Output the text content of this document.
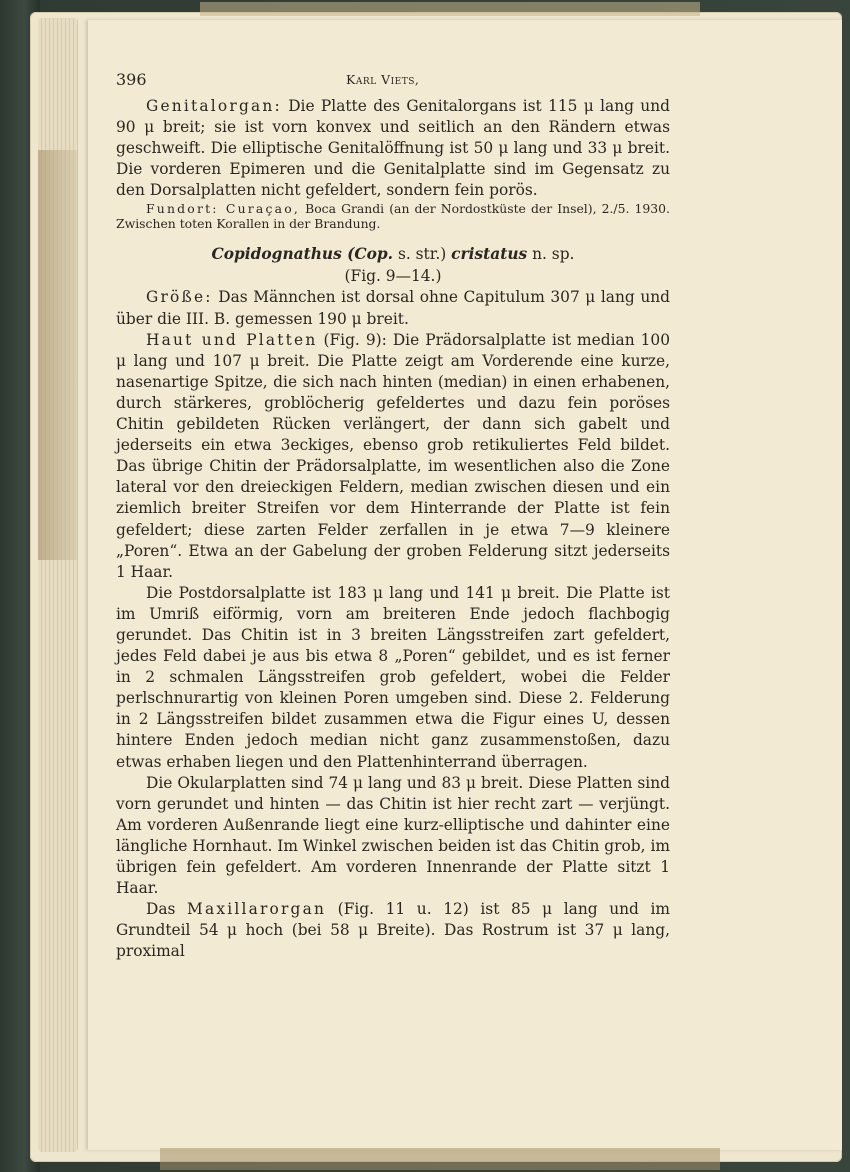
396	Karl Viets,

Genitalorgan: Die Platte des Genitalorgans ist 115 μ lang und 90 μ breit; sie ist vorn konvex und seitlich an den Rändern etwas geschweift. Die elliptische Genitalöffnung ist 50 μ lang und 33 μ breit. Die vorderen Epimeren und die Genitalplatte sind im Gegensatz zu den Dorsalplatten nicht gefeldert, sondern fein porös.

Fundort: Curaçao, Boca Grandi (an der Nordostküste der Insel), 2./5. 1930. Zwischen toten Korallen in der Brandung.

Copidognathus (Cop. s. str.) cristatus n. sp.
(Fig. 9—14.)

Größe: Das Männchen ist dorsal ohne Capitulum 307 μ lang und über die III. B. gemessen 190 μ breit.

Haut und Platten (Fig. 9): Die Prädorsalplatte ist median 100 μ lang und 107 μ breit. Die Platte zeigt am Vorderende eine kurze, nasenartige Spitze, die sich nach hinten (median) in einen erhabenen, durch stärkeres, groblöcherig gefeldertes und dazu fein poröses Chitin gebildeten Rücken verlängert, der dann sich gabelt und jederseits ein etwa 3eckiges, ebenso grob retikuliertes Feld bildet. Das übrige Chitin der Prädorsalplatte, im wesentlichen also die Zone lateral vor den dreieckigen Feldern, median zwischen diesen und ein ziemlich breiter Streifen vor dem Hinterrande der Platte ist fein gefeldert; diese zarten Felder zerfallen in je etwa 7—9 kleinere „Poren“. Etwa an der Gabelung der groben Felderung sitzt jederseits 1 Haar.

Die Postdorsalplatte ist 183 μ lang und 141 μ breit. Die Platte ist im Umriß eiförmig, vorn am breiteren Ende jedoch flachbogig gerundet. Das Chitin ist in 3 breiten Längsstreifen zart gefeldert, jedes Feld dabei je aus bis etwa 8 „Poren“ gebildet, und es ist ferner in 2 schmalen Längsstreifen grob gefeldert, wobei die Felder perlschnurartig von kleinen Poren umgeben sind. Diese 2. Felderung in 2 Längsstreifen bildet zusammen etwa die Figur eines U, dessen hintere Enden jedoch median nicht ganz zusammenstoßen, dazu etwas erhaben liegen und den Plattenhinterrand überragen.

Die Okularplatten sind 74 μ lang und 83 μ breit. Diese Platten sind vorn gerundet und hinten — das Chitin ist hier recht zart — verjüngt. Am vorderen Außenrande liegt eine kurz-elliptische und dahinter eine längliche Hornhaut. Im Winkel zwischen beiden ist das Chitin grob, im übrigen fein gefeldert. Am vorderen Innenrande der Platte sitzt 1 Haar.

Das Maxillarorgan (Fig. 11 u. 12) ist 85 μ lang und im Grundteil 54 μ hoch (bei 58 μ Breite). Das Rostrum ist 37 μ lang, proximal
